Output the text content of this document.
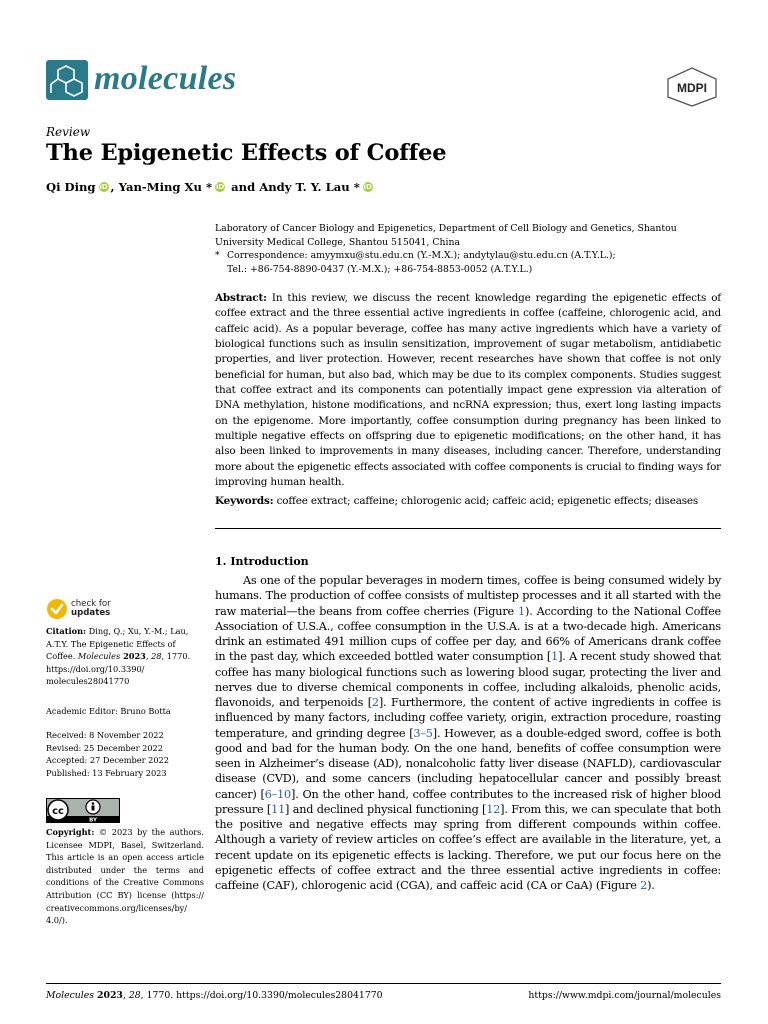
molecules	MDPI
Review
The Epigenetic Effects of Coffee
Qi Ding iD , Yan-Ming Xu * iD and Andy T. Y. Lau * iD
Laboratory of Cancer Biology and Epigenetics, Department of Cell Biology and Genetics, Shantou University Medical College, Shantou 515041, China
* Correspondence: amyymxu@stu.edu.cn (Y.-M.X.); andytylau@stu.edu.cn (A.T.Y.L.);
Tel.: +86-754-8890-0437 (Y.-M.X.); +86-754-8853-0052 (A.T.Y.L.)
Abstract: In this review, we discuss the recent knowledge regarding the epigenetic effects of coffee extract and the three essential active ingredients in coffee (caffeine, chlorogenic acid, and caffeic acid). As a popular beverage, coffee has many active ingredients which have a variety of biological functions such as insulin sensitization, improvement of sugar metabolism, antidiabetic properties, and liver protection. However, recent researches have shown that coffee is not only beneficial for human, but also bad, which may be due to its complex components. Studies suggest that coffee extract and its components can potentially impact gene expression via alteration of DNA methylation, histone modifications, and ncRNA expression; thus, exert long lasting impacts on the epigenome. More importantly, coffee consumption during pregnancy has been linked to multiple negative effects on offspring due to epigenetic modifications; on the other hand, it has also been linked to improvements in many diseases, including cancer. Therefore, understanding more about the epigenetic effects associated with coffee components is crucial to finding ways for improving human health.
Keywords: coffee extract; caffeine; chlorogenic acid; caffeic acid; epigenetic effects; diseases
1. Introduction

As one of the popular beverages in modern times, coffee is being consumed widely by humans. The production of coffee consists of multistep processes and it all started with the raw material—the beans from coffee cherries (Figure 1). According to the National Coffee Association of U.S.A., coffee consumption in the U.S.A. is at a two-decade high. Americans drink an estimated 491 million cups of coffee per day, and 66% of Americans drank coffee in the past day, which exceeded bottled water consumption [1]. A recent study showed that coffee has many biological functions such as lowering blood sugar, protecting the liver and nerves due to diverse chemical components in coffee, including alkaloids, phenolic acids, flavonoids, and terpenoids [2]. Furthermore, the content of active ingredients in coffee is influenced by many factors, including coffee variety, origin, extraction procedure, roasting temperature, and grinding degree [3–5]. However, as a double-edged sword, coffee is both good and bad for the human body. On the one hand, benefits of coffee consumption were seen in Alzheimer’s disease (AD), nonalcoholic fatty liver disease (NAFLD), cardiovascular disease (CVD), and some cancers (including hepatocellular cancer and possibly breast cancer) [6–10]. On the other hand, coffee contributes to the increased risk of higher blood pressure [11] and declined physical functioning [12]. From this, we can speculate that both the positive and negative effects may spring from different compounds within coffee. Although a variety of review articles on coffee’s effect are available in the literature, yet, a recent update on its epigenetic effects is lacking. Therefore, we put our focus here on the epigenetic effects of coffee extract and the three essential active ingredients in coffee: caffeine (CAF), chlorogenic acid (CGA), and caffeic acid (CA or CaA) (Figure 2).

check for
updates
Citation: Ding, Q.; Xu, Y.-M.; Lau, A.T.Y. The Epigenetic Effects of Coffee. Molecules 2023, 28, 1770. https://doi.org/10.3390/ molecules28041770
Academic Editor: Bruno Botta
Received: 8 November 2022
Revised: 25 December 2022
Accepted: 27 December 2022
Published: 13 February 2023
cc
BY
Copyright: © 2023 by the authors. Licensee MDPI, Basel, Switzerland. This article is an open access article distributed under the terms and conditions of the Creative Commons Attribution (CC BY) license (https:// creativecommons.org/licenses/by/ 4.0/).
Molecules 2023, 28, 1770. https://doi.org/10.3390/molecules28041770	https://www.mdpi.com/journal/molecules
